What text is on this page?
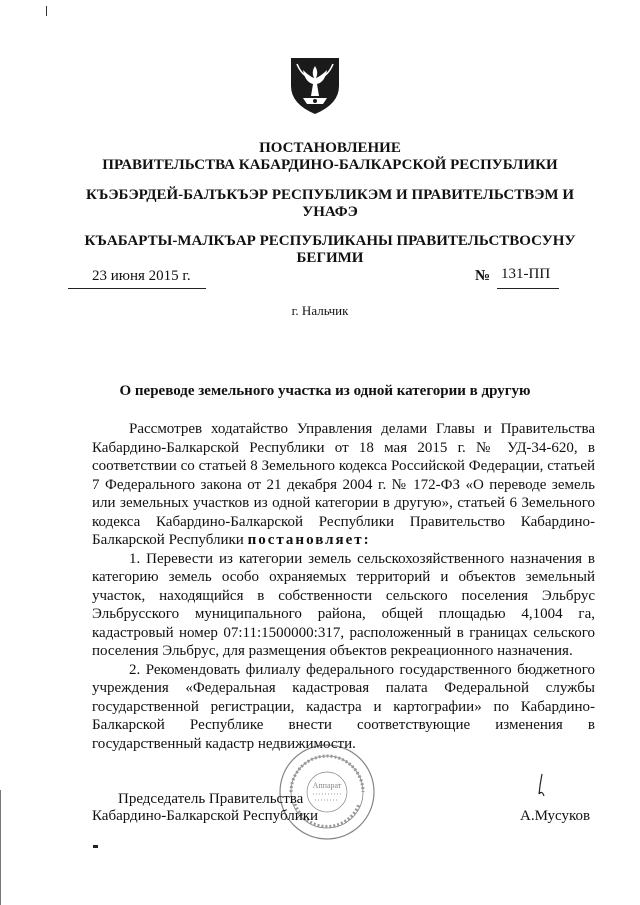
ПОСТАНОВЛЕНИЕ
ПРАВИТЕЛЬСТВА КАБАРДИНО-БАЛКАРСКОЙ РЕСПУБЛИКИ
КЪЭБЭРДЕЙ-БАЛЪКЪЭР РЕСПУБЛИКЭМ И ПРАВИТЕЛЬСТВЭМ И
УНАФЭ
КЪАБАРТЫ-МАЛКЪАР РЕСПУБЛИКАНЫ ПРАВИТЕЛЬСТВОСУНУ
БЕГИМИ
23 июня 2015 г.	№ 131-ПП
г. Нальчик
О переводе земельного участка из одной категории в другую

Рассмотрев ходатайство Управления делами Главы и Правительства Кабардино-Балкарской Республики от 18 мая 2015 г. № УД-34-620, в соответствии со статьей 8 Земельного кодекса Российской Федерации, статьей 7 Федерального закона от 21 декабря 2004 г. № 172-ФЗ «О переводе земель или земельных участков из одной категории в другую», статьей 6 Земельного кодекса Кабардино-Балкарской Республики Правительство Кабардино-Балкарской Республики постановляет:

1. Перевести из категории земель сельскохозяйственного назначения в категорию земель особо охраняемых территорий и объектов земельный участок, находящийся в собственности сельского поселения Эльбрус Эльбрусского муниципального района, общей площадью 4,1004 га, кадастровый номер 07:11:1500000:317, расположенный в границах сельского поселения Эльбрус, для размещения объектов рекреационного назначения.

2. Рекомендовать филиалу федерального государственного бюджетного учреждения «Федеральная кадастровая палата Федеральной службы государственной регистрации, кадастра и картографии» по Кабардино-Балкарской Республике внести соответствующие изменения в государственный кадастр недвижимости.

Аппарат
Председатель Правительства
Кабардино-Балкарской Республики	А.Мусуков
